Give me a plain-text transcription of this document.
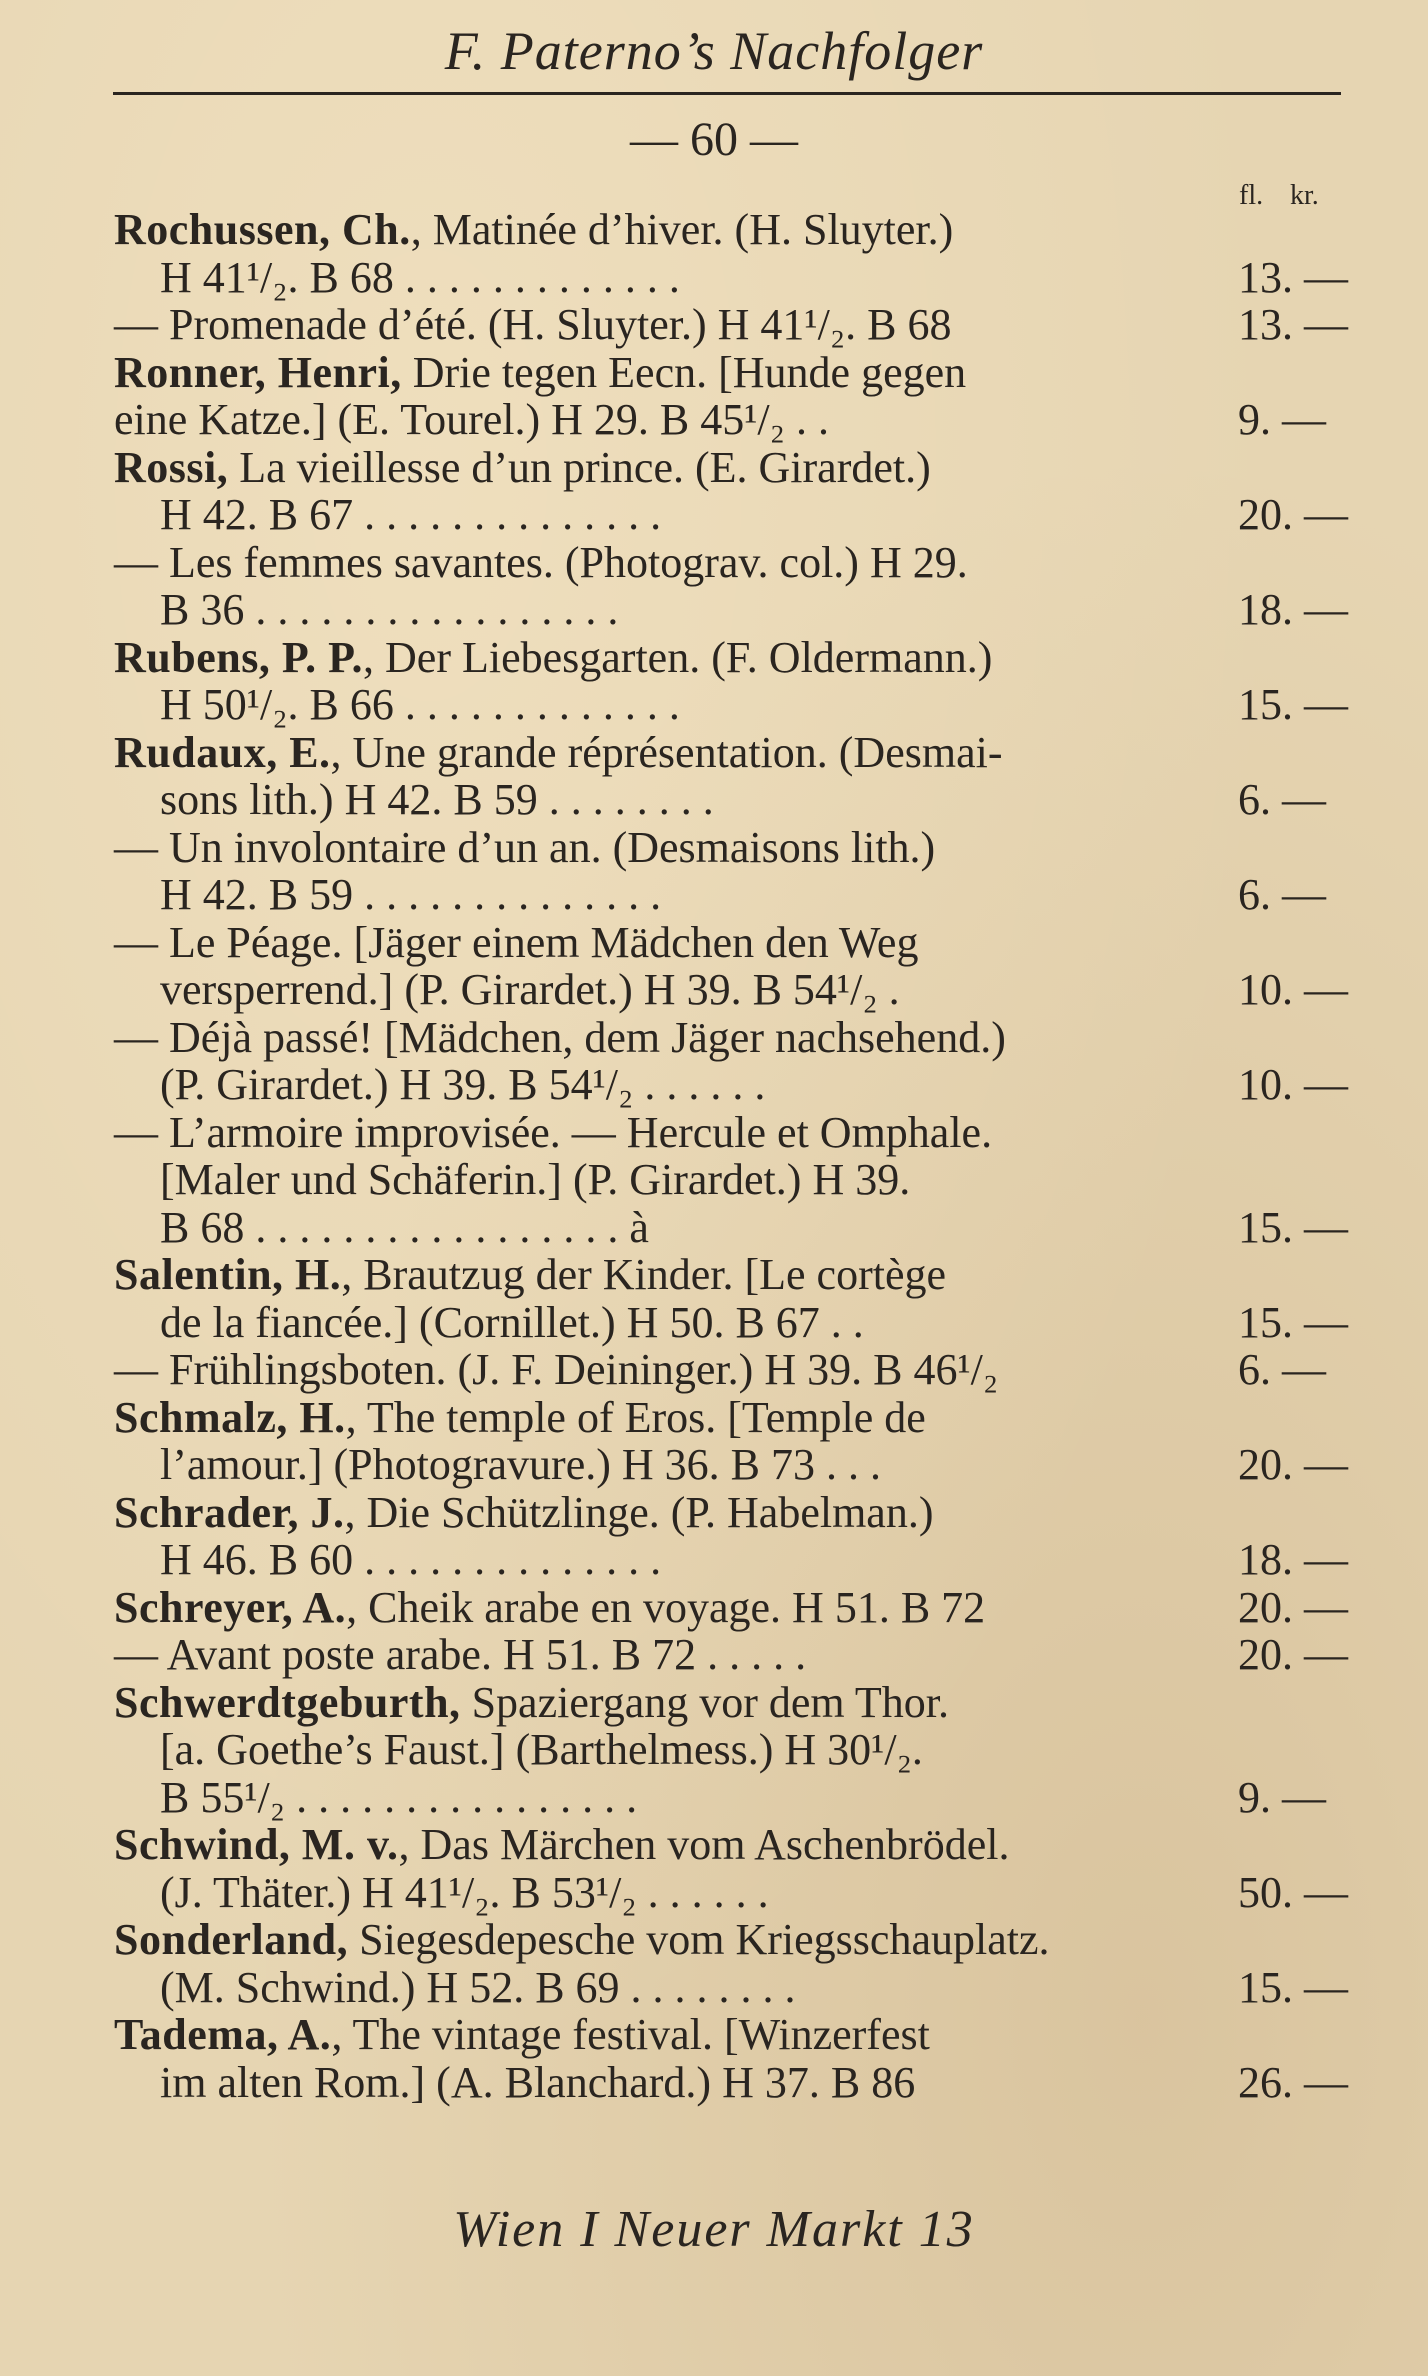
F. Paterno’s Nachfolger
— 60 —
fl. kr.
Rochussen, Ch., Matinée d’hiver. (H. Sluyter.)
H 41¹/₂. B 68 . . . . . . . . . . . . .	13. —
— Promenade d’été. (H. Sluyter.) H 41¹/₂. B 68	13. —
Ronner, Henri, Drie tegen Eecn. [Hunde gegen
eine Katze.] (E. Tourel.) H 29. B 45¹/₂ . .	9. —
Rossi, La vieillesse d’un prince. (E. Girardet.)
H 42. B 67 . . . . . . . . . . . . . .	20. —
— Les femmes savantes. (Photograv. col.) H 29.
B 36 . . . . . . . . . . . . . . . . .	18. —
Rubens, P. P., Der Liebesgarten. (F. Oldermann.)
H 50¹/₂. B 66 . . . . . . . . . . . . .	15. —
Rudaux, E., Une grande réprésentation. (Desmai-
sons lith.) H 42. B 59 . . . . . . . .	6. —
— Un involontaire d’un an. (Desmaisons lith.)
H 42. B 59 . . . . . . . . . . . . . .	6. —
— Le Péage. [Jäger einem Mädchen den Weg
versperrend.] (P. Girardet.) H 39. B 54¹/₂ .	10. —
— Déjà passé! [Mädchen, dem Jäger nachsehend.)
(P. Girardet.) H 39. B 54¹/₂ . . . . . .	10. —
— L’armoire improvisée. — Hercule et Omphale.
[Maler und Schäferin.] (P. Girardet.) H 39.
B 68 . . . . . . . . . . . . . . . . . à	15. —
Salentin, H., Brautzug der Kinder. [Le cortège
de la fiancée.] (Cornillet.) H 50. B 67 . .	15. —
— Frühlingsboten. (J. F. Deininger.) H 39. B 46¹/₂	6. —
Schmalz, H., The temple of Eros. [Temple de
l’amour.] (Photogravure.) H 36. B 73 . . .	20. —
Schrader, J., Die Schützlinge. (P. Habelman.)
H 46. B 60 . . . . . . . . . . . . . .	18. —
Schreyer, A., Cheik arabe en voyage. H 51. B 72	20. —
— Avant poste arabe. H 51. B 72 . . . . .	20. —
Schwerdtgeburth, Spaziergang vor dem Thor.
[a. Goethe’s Faust.] (Barthelmess.) H 30¹/₂.
B 55¹/₂ . . . . . . . . . . . . . . . .	9. —
Schwind, M. v., Das Märchen vom Aschenbrödel.
(J. Thäter.) H 41¹/₂. B 53¹/₂ . . . . . .	50. —
Sonderland, Siegesdepesche vom Kriegsschauplatz.
(M. Schwind.) H 52. B 69 . . . . . . . .	15. —
Tadema, A., The vintage festival. [Winzerfest
im alten Rom.] (A. Blanchard.) H 37. B 86	26. —
Wien I Neuer Markt 13
